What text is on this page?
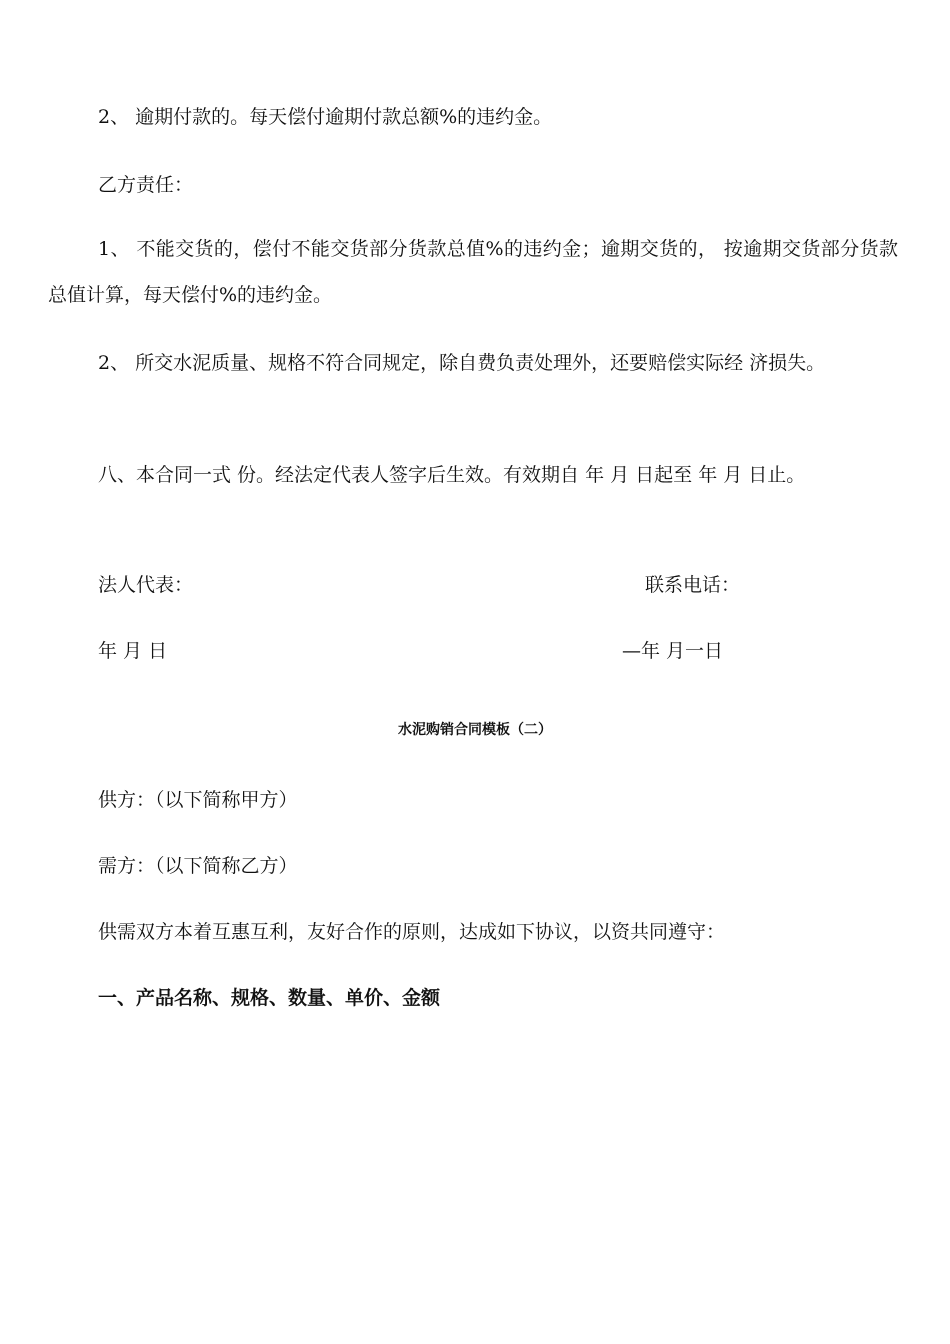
2、 逾期付款的。每天偿付逾期付款总额%的违约金。

乙方责任：

1、 不能交货的，偿付不能交货部分货款总值%的违约金；逾期交货的， 按逾期交货部分货款总值计算，每天偿付%的违约金。

2、 所交水泥质量、规格不符合同规定，除自费负责处理外，还要赔偿实际经 济损失。

八、本合同一式 份。经法定代表人签字后生效。有效期自 年 月 日起至 年 月 日止。

法人代表：	联系电话：

年 月 日	—年 月一日

水泥购销合同模板（二）

供方：（以下简称甲方）

需方：（以下简称乙方）

供需双方本着互惠互利，友好合作的原则，达成如下协议，以资共同遵守：

一、产品名称、规格、数量、单价、金额
